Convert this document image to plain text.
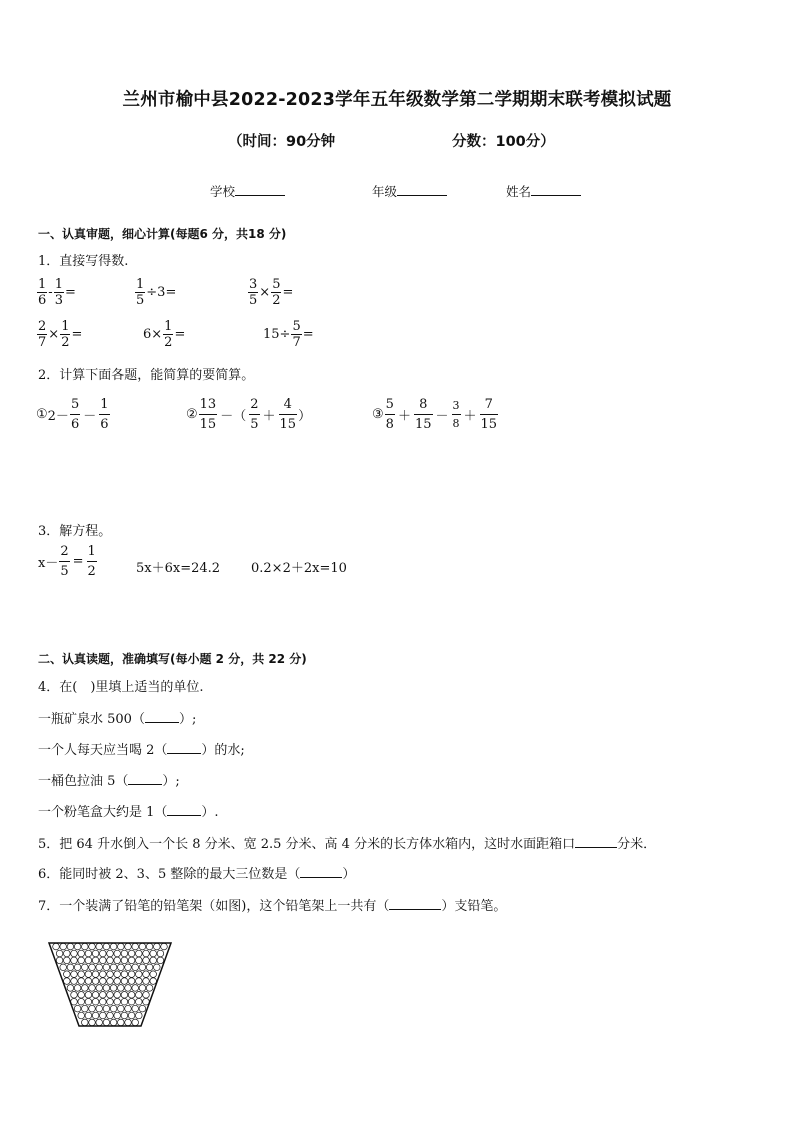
兰州市榆中县2022-2023学年五年级数学第二学期期末联考模拟试题
（时间：90分钟	分数：100分）
学校	年级	姓名
一、认真审题，细心计算(每题6 分，共18 分)
1．直接写得数.
$\frac{1}{6} - \frac{1}{3}$ =	$\frac{1}{5} \div 3=$	$\frac{3}{5} \times \frac{5}{2}$ =
$\frac{2}{7} \times \frac{1}{2}$ =	$6\times \frac{1}{2}$ =	$15\div \frac{5}{7}$ =
2．计算下面各题，能简算的要简算。
① $2- \frac{5}{6} - \frac{1}{6}$	② $\frac{13}{15}$ －（ $\frac{2}{5} + \frac{4}{15}$ ）	③ $\frac{5}{8} + \frac{8}{15} - \frac{3}{8} + \frac{7}{15}$
3．解方程。
$x- \frac{2}{5} = \frac{1}{2}$	5x＋6x=24.2 0.2×2＋2x=10
二、认真读题，准确填写(每小题 2 分，共 22 分)
4．在(　)里填上适当的单位.
一瓶矿泉水 500（	）;
一个人每天应当喝 2（	）的水;
一桶色拉油 5（	）;
一个粉笔盒大约是 1（	）.
5．把 64 升水倒入一个长 8 分米、宽 2.5 分米、高 4 分米的长方体水箱内，这时水面距箱口	分米．
6．能同时被 2、3、5 整除的最大三位数是（	）
7．一个装满了铅笔的铅笔架（如图)，这个铅笔架上一共有（	）支铅笔。
